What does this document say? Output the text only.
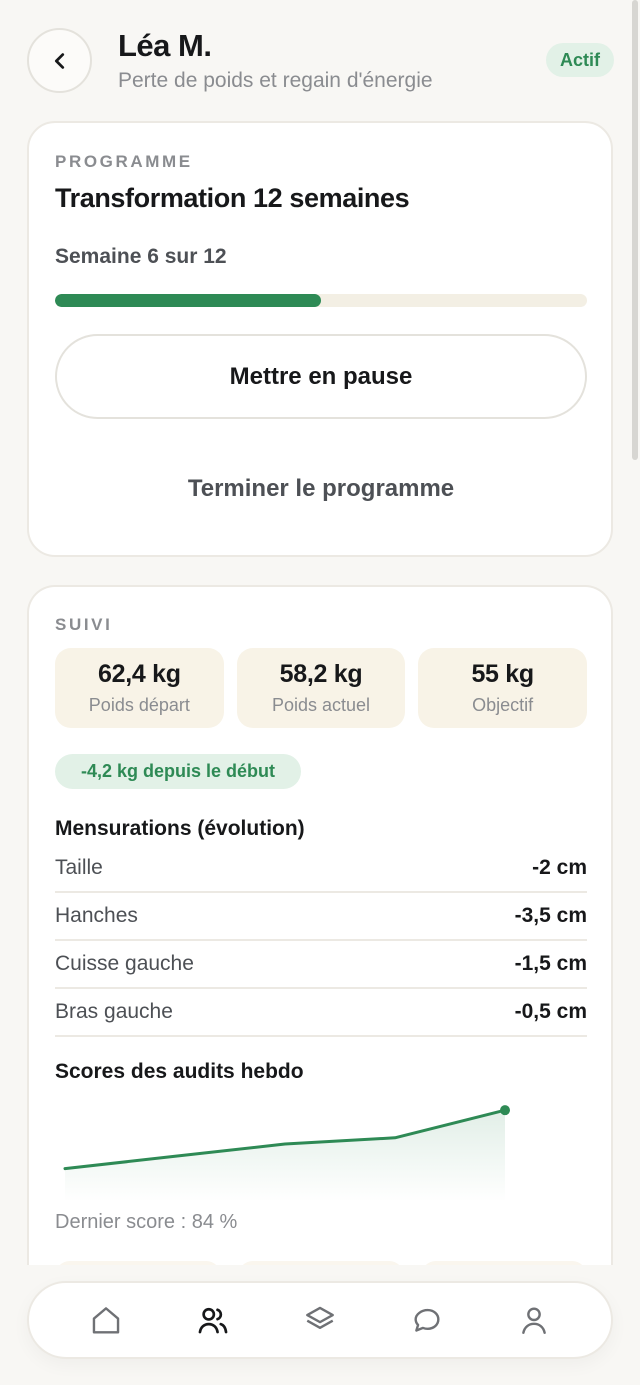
Léa M.
Perte de poids et regain d'énergie
Actif
PROGRAMME
Transformation 12 semaines
Semaine 6 sur 12
Mettre en pause
Terminer le programme
SUIVI
62,4 kg
Poids départ
58,2 kg
Poids actuel
55 kg
Objectif
-4,2 kg depuis le début
Mensurations (évolution)
Taille	-2 cm
Hanches	-3,5 cm
Cuisse gauche	-1,5 cm
Bras gauche	-0,5 cm
Scores des audits hebdo
Dernier score : 84 %
